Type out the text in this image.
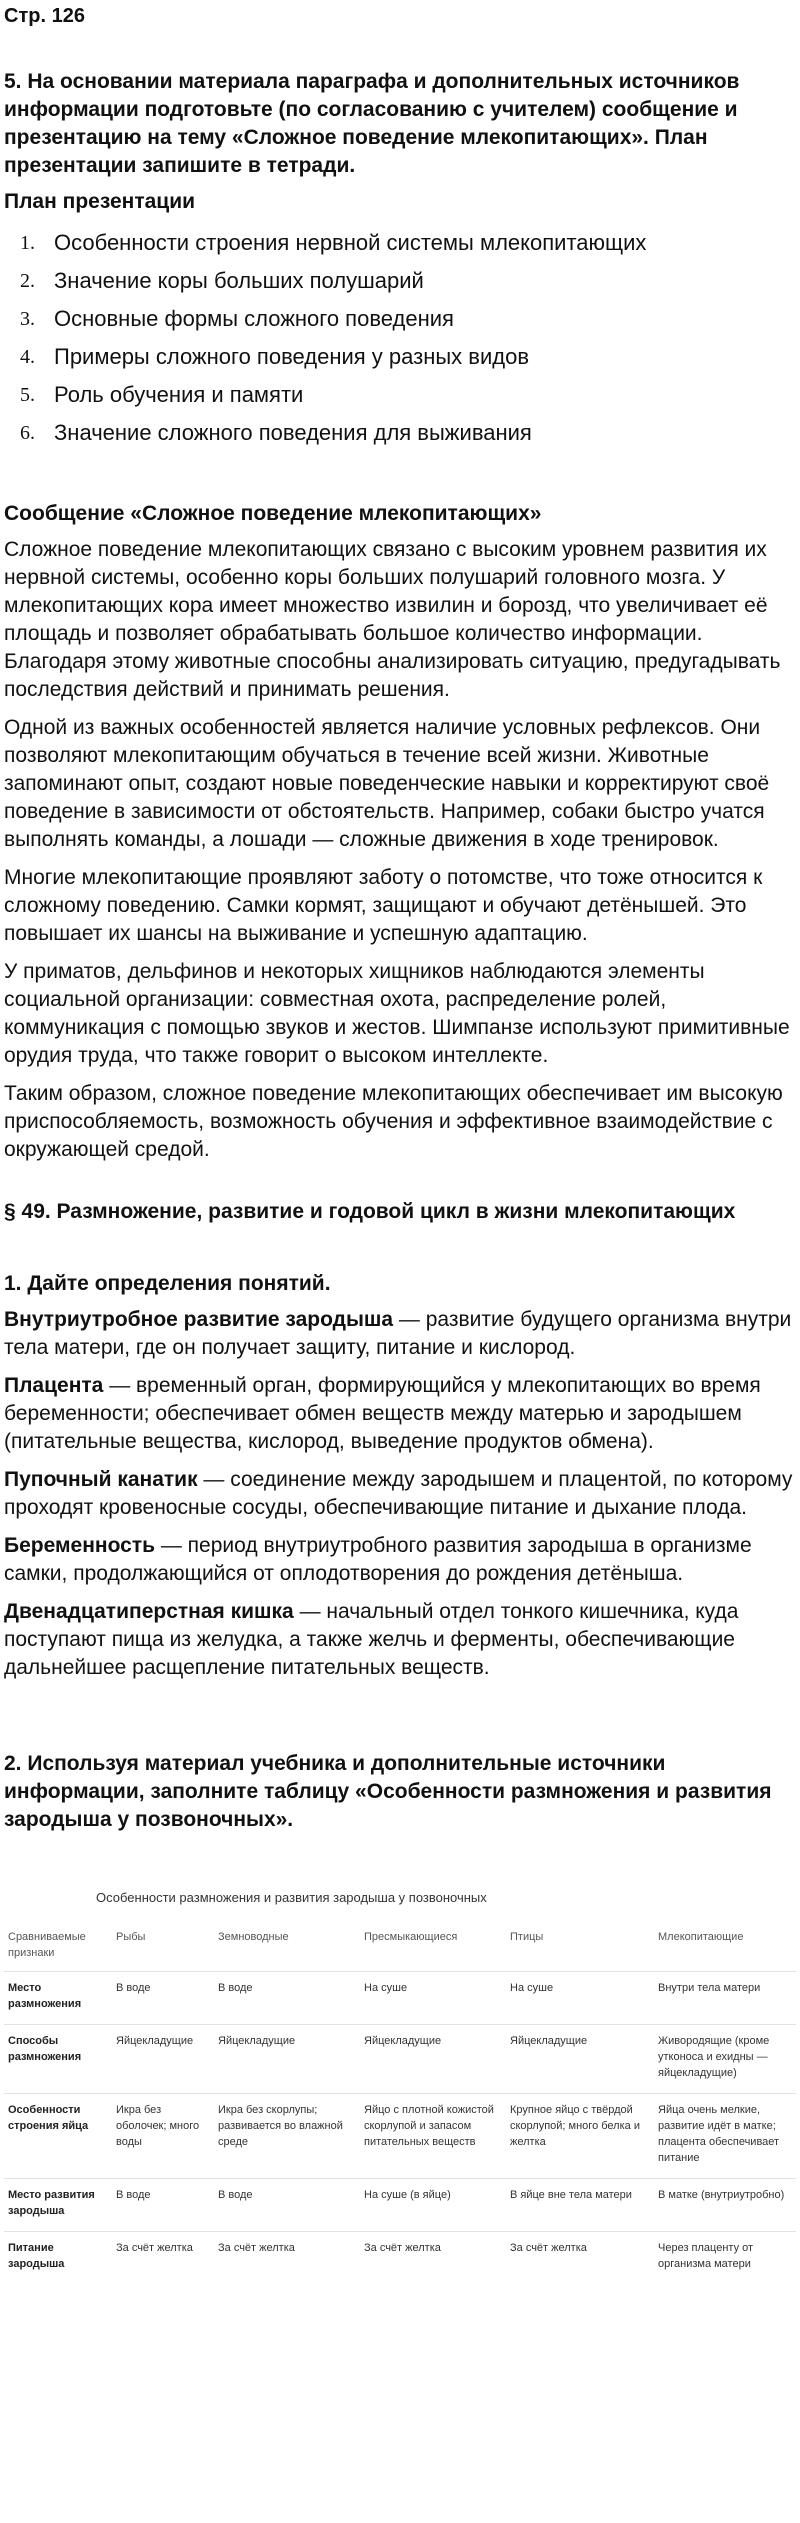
Стр. 126
5. На основании материала параграфа и дополнительных источников информации подготовьте (по согласованию с учителем) сообщение и презентацию на тему «Сложное поведение млекопитающих». План презентации запишите в тетради.
План презентации
1. Особенности строения нервной системы млекопитающих
2. Значение коры больших полушарий
3. Основные формы сложного поведения
4. Примеры сложного поведения у разных видов
5. Роль обучения и памяти
6. Значение сложного поведения для выживания
Сообщение «Сложное поведение млекопитающих»

Сложное поведение млекопитающих связано с высоким уровнем развития их нервной системы, особенно коры больших полушарий головного мозга. У млекопитающих кора имеет множество извилин и борозд, что увеличивает её площадь и позволяет обрабатывать большое количество информации. Благодаря этому животные способны анализировать ситуацию, предугадывать последствия действий и принимать решения.

Одной из важных особенностей является наличие условных рефлексов. Они позволяют млекопитающим обучаться в течение всей жизни. Животные запоминают опыт, создают новые поведенческие навыки и корректируют своё поведение в зависимости от обстоятельств. Например, собаки быстро учатся выполнять команды, а лошади — сложные движения в ходе тренировок.

Многие млекопитающие проявляют заботу о потомстве, что тоже относится к сложному поведению. Самки кормят, защищают и обучают детёнышей. Это повышает их шансы на выживание и успешную адаптацию.

У приматов, дельфинов и некоторых хищников наблюдаются элементы социальной организации: совместная охота, распределение ролей, коммуникация с помощью звуков и жестов. Шимпанзе используют примитивные орудия труда, что также говорит о высоком интеллекте.

Таким образом, сложное поведение млекопитающих обеспечивает им высокую приспособляемость, возможность обучения и эффективное взаимодействие с окружающей средой.

§ 49. Размножение, развитие и годовой цикл в жизни млекопитающих
1. Дайте определения понятий.

Внутриутробное развитие зародыша — развитие будущего организма внутри тела матери, где он получает защиту, питание и кислород.

Плацента — временный орган, формирующийся у млекопитающих во время беременности; обеспечивает обмен веществ между матерью и зародышем (питательные вещества, кислород, выведение продуктов обмена).

Пупочный канатик — соединение между зародышем и плацентой, по которому проходят кровеносные сосуды, обеспечивающие питание и дыхание плода.

Беременность — период внутриутробного развития зародыша в организме самки, продолжающийся от оплодотворения до рождения детёныша.

Двенадцатиперстная кишка — начальный отдел тонкого кишечника, куда поступают пища из желудка, а также желчь и ферменты, обеспечивающие дальнейшее расщепление питательных веществ.

2. Используя материал учебника и дополнительные источники информации, заполните таблицу «Особенности размножения и развития зародыша у позвоночных».
Особенности размножения и развития зародыша у позвоночных
Сравниваемые признаки	Рыбы	Земноводные	Пресмыкающиеся	Птицы	Млекопитающие
Место размножения	В воде	В воде	На суше	На суше	Внутри тела матери
Способы размножения	Яйцекладущие	Яйцекладущие	Яйцекладущие	Яйцекладущие	Живородящие (кроме утконоса и ехидны — яйцекладущие)
Особенности строения яйца	Икра без оболочек; много воды	Икра без скорлупы; развивается во влажной среде	Яйцо с плотной кожистой скорлупой и запасом питательных веществ	Крупное яйцо с твёрдой скорлупой; много белка и желтка	Яйца очень мелкие, развитие идёт в матке; плацента обеспечивает питание
Место развития зародыша	В воде	В воде	На суше (в яйце)	В яйце вне тела матери	В матке (внутриутробно)
Питание зародыша	За счёт желтка	За счёт желтка	За счёт желтка	За счёт желтка	Через плаценту от организма матери
